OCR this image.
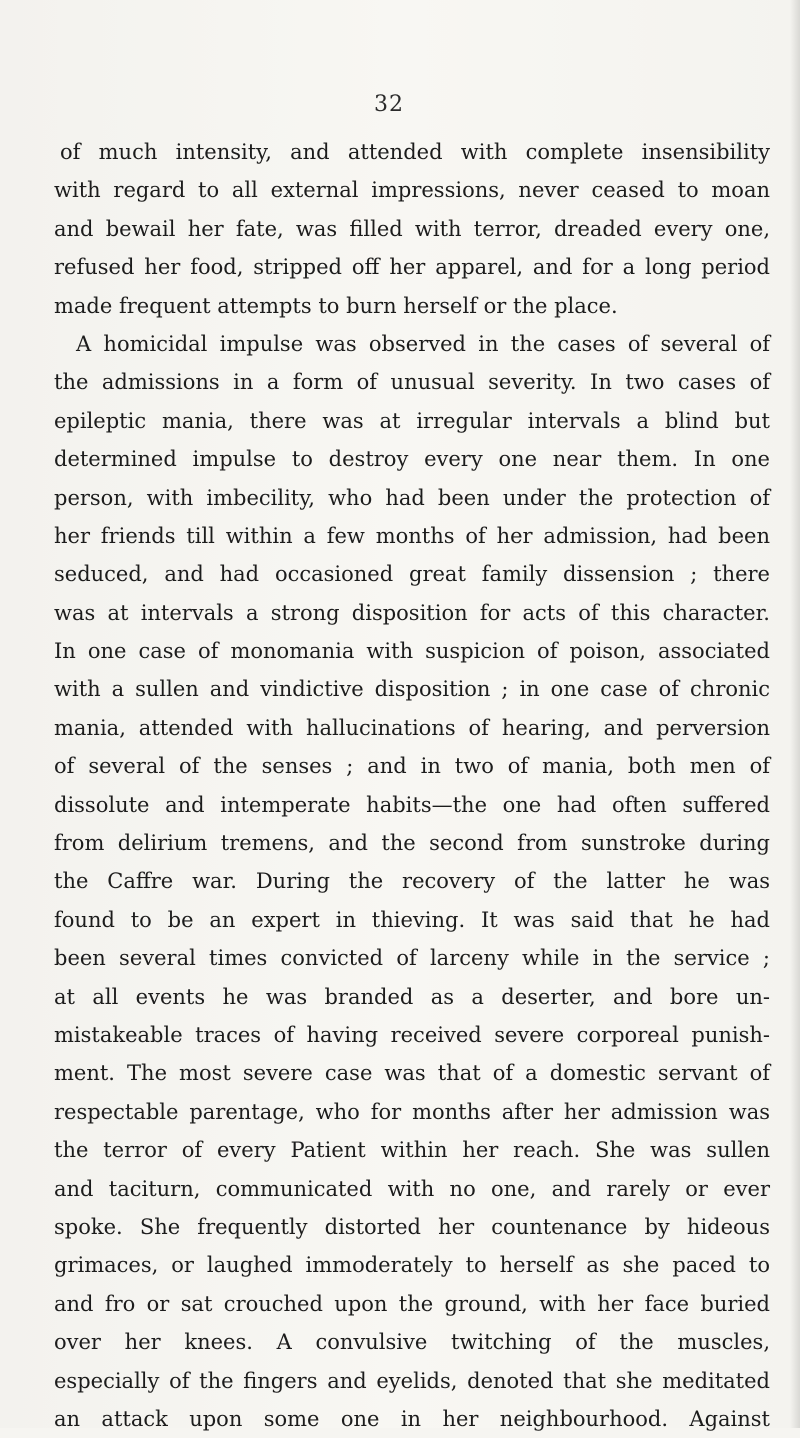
32
of much intensity, and attended with complete insensibility
with regard to all external impressions, never ceased to moan
and bewail her fate, was filled with terror, dreaded every one,
refused her food, stripped off her apparel, and for a long period
made frequent attempts to burn herself or the place.
A homicidal impulse was observed in the cases of several of
the admissions in a form of unusual severity. In two cases of
epileptic mania, there was at irregular intervals a blind but
determined impulse to destroy every one near them. In one
person, with imbecility, who had been under the protection of
her friends till within a few months of her admission, had been
seduced, and had occasioned great family dissension ; there
was at intervals a strong disposition for acts of this character.
In one case of monomania with suspicion of poison, associated
with a sullen and vindictive disposition ; in one case of chronic
mania, attended with hallucinations of hearing, and perversion
of several of the senses ; and in two of mania, both men of
dissolute and intemperate habits—the one had often suffered
from delirium tremens, and the second from sunstroke during
the Caffre war. During the recovery of the latter he was
found to be an expert in thieving. It was said that he had
been several times convicted of larceny while in the service ;
at all events he was branded as a deserter, and bore un-
mistakeable traces of having received severe corporeal punish-
ment. The most severe case was that of a domestic servant of
respectable parentage, who for months after her admission was
the terror of every Patient within her reach. She was sullen
and taciturn, communicated with no one, and rarely or ever
spoke. She frequently distorted her countenance by hideous
grimaces, or laughed immoderately to herself as she paced to
and fro or sat crouched upon the ground, with her face buried
over her knees. A convulsive twitching of the muscles,
especially of the fingers and eyelids, denoted that she meditated
an attack upon some one in her neighbourhood. Against
